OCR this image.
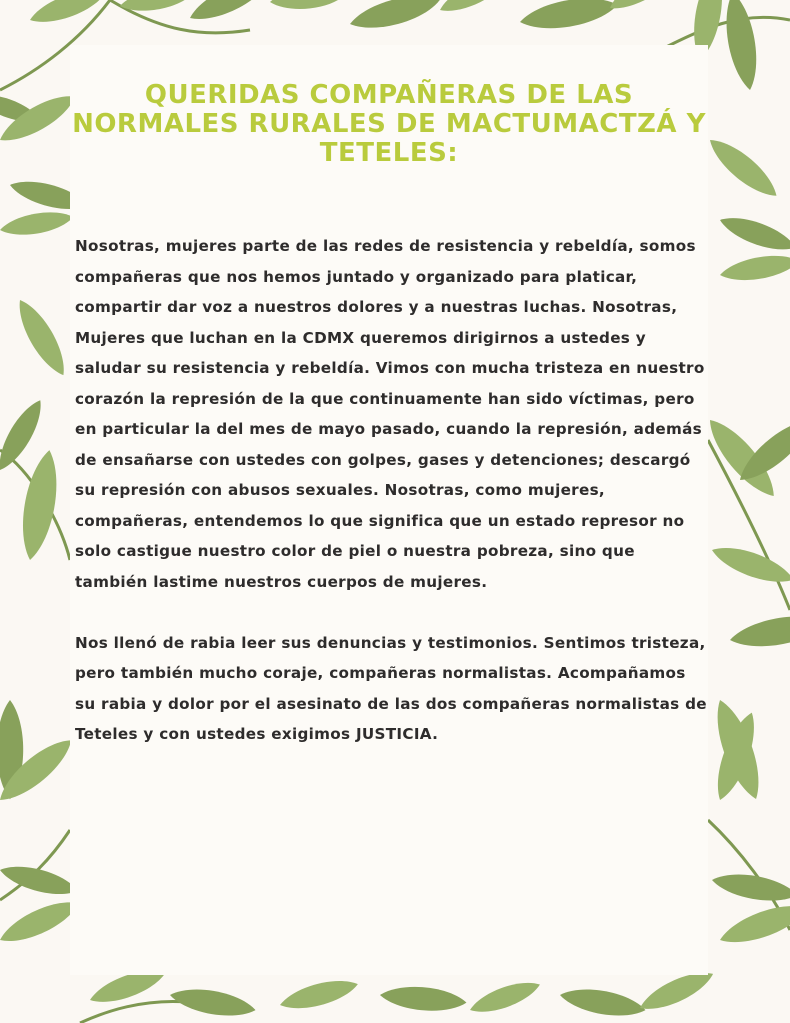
QUERIDAS COMPAÑERAS DE LAS NORMALES RURALES DE MACTUMACTZÁ Y TETELES:

Nosotras, mujeres parte de las redes de resistencia y rebeldía, somos compañeras que nos hemos juntado y organizado para platicar, compartir dar voz a nuestros dolores y a nuestras luchas. Nosotras, Mujeres que luchan en la CDMX queremos dirigirnos a ustedes y saludar su resistencia y rebeldía. Vimos con mucha tristeza en nuestro corazón la represión de la que continuamente han sido víctimas, pero en particular la del mes de mayo pasado, cuando la represión, además de ensañarse con ustedes con golpes, gases y detenciones; descargó su represión con abusos sexuales. Nosotras, como mujeres, compañeras, entendemos lo que significa que un estado represor no solo castigue nuestro color de piel o nuestra pobreza, sino que también lastime nuestros cuerpos de mujeres.

Nos llenó de rabia leer sus denuncias y testimonios. Sentimos tristeza, pero también mucho coraje, compañeras normalistas. Acompañamos su rabia y dolor por el asesinato de las dos compañeras normalistas de Teteles y con ustedes exigimos JUSTICIA.
